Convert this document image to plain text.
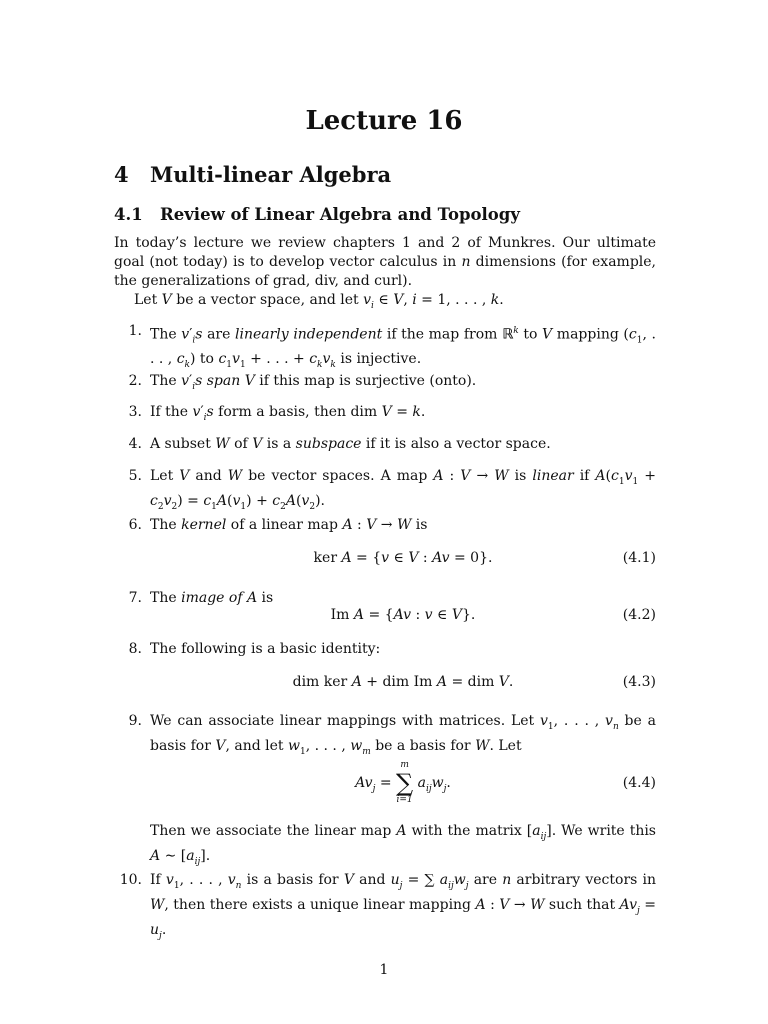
Lecture 16
4 Multi-linear Algebra
4.1 Review of Linear Algebra and Topology
In today’s lecture we review chapters 1 and 2 of Munkres. Our ultimate goal (not today) is to develop vector calculus in n dimensions (for example, the generalizations of grad, div, and curl).
Let V be a vector space, and let $v_i$ ∈ V, i = 1, . . . , k.
1. The $v'_is$ are linearly independent if the map from ℝ$^k$ to V mapping ($c_1$, . . . , $c_k$) to $c_1v_1$ + . . . + $c_kv_k$ is injective.
2. The $v'_is$ span V if this map is surjective (onto).
3. If the $v'_is$ form a basis, then dim V = k.
4. A subset W of V is a subspace if it is also a vector space.
5. Let V and W be vector spaces. A map A : V → W is linear if $A(c_1v_1 + c_2v_2) = c_1A(v_1) + c_2A(v_2)$.
6. The kernel of a linear map A : V → W is
ker A = {v ∈ V : Av = 0}.	(4.1)
7. The image of A is
Im A = {Av : v ∈ V}.	(4.2)
8. The following is a basic identity:
dim ker A + dim Im A = dim V.	(4.3)
9. We can associate linear mappings with matrices. Let $v_1$, . . . , $v_n$ be a basis for V, and let $w_1$, . . . , $w_m$ be a basis for W. Let
$Av_j$ =
m
∑
i=1
$a_{ij}w_j$.	(4.4)
Then we associate the linear map A with the matrix $[a_{ij}]$. We write this A ∼ $[a_{ij}]$.
10. If $v_1$, . . . , $v_n$ is a basis for V and $u_j$ = ∑ $a_{ij}w_j$ are n arbitrary vectors in W, then there exists a unique linear mapping A : V → W such that $Av_j = u_j$.
1
